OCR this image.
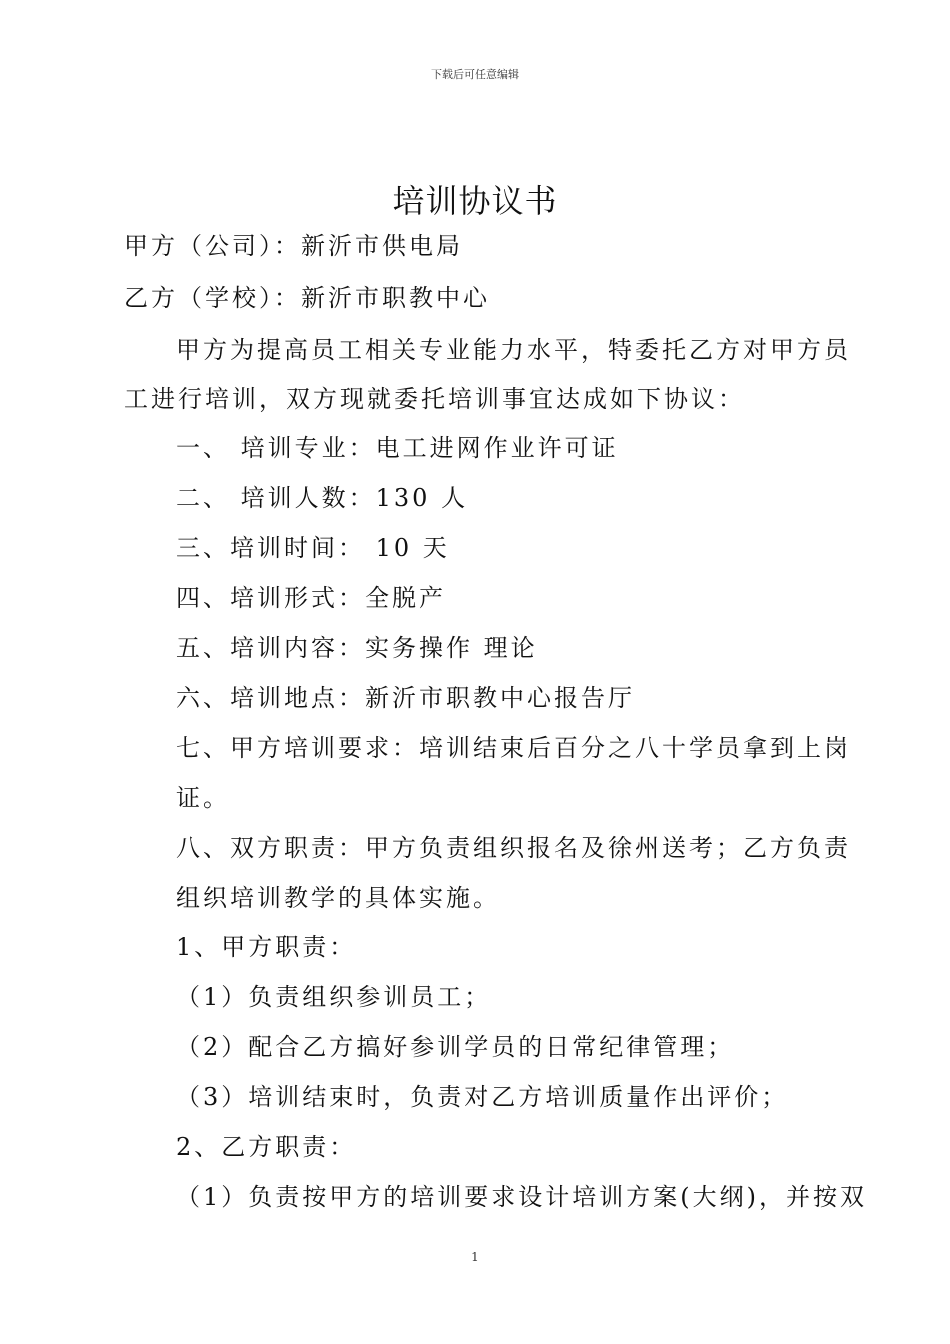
下载后可任意编辑
培训协议书
甲方（公司）：新沂市供电局
乙方（学校）：新沂市职教中心
甲方为提高员工相关专业能力水平，特委托乙方对甲方员
工进行培训，双方现就委托培训事宜达成如下协议：
一、 培训专业：电工进网作业许可证
二、 培训人数：130 人
三、培训时间： 10 天
四、培训形式：全脱产
五、培训内容：实务操作 理论
六、培训地点：新沂市职教中心报告厅
七、甲方培训要求：培训结束后百分之八十学员拿到上岗
证。
八、双方职责：甲方负责组织报名及徐州送考；乙方负责
组织培训教学的具体实施。
1、甲方职责：
（1）负责组织参训员工；
（2）配合乙方搞好参训学员的日常纪律管理；
（3）培训结束时，负责对乙方培训质量作出评价；
2、乙方职责：
（1）负责按甲方的培训要求设计培训方案(大纲)，并按双
1
